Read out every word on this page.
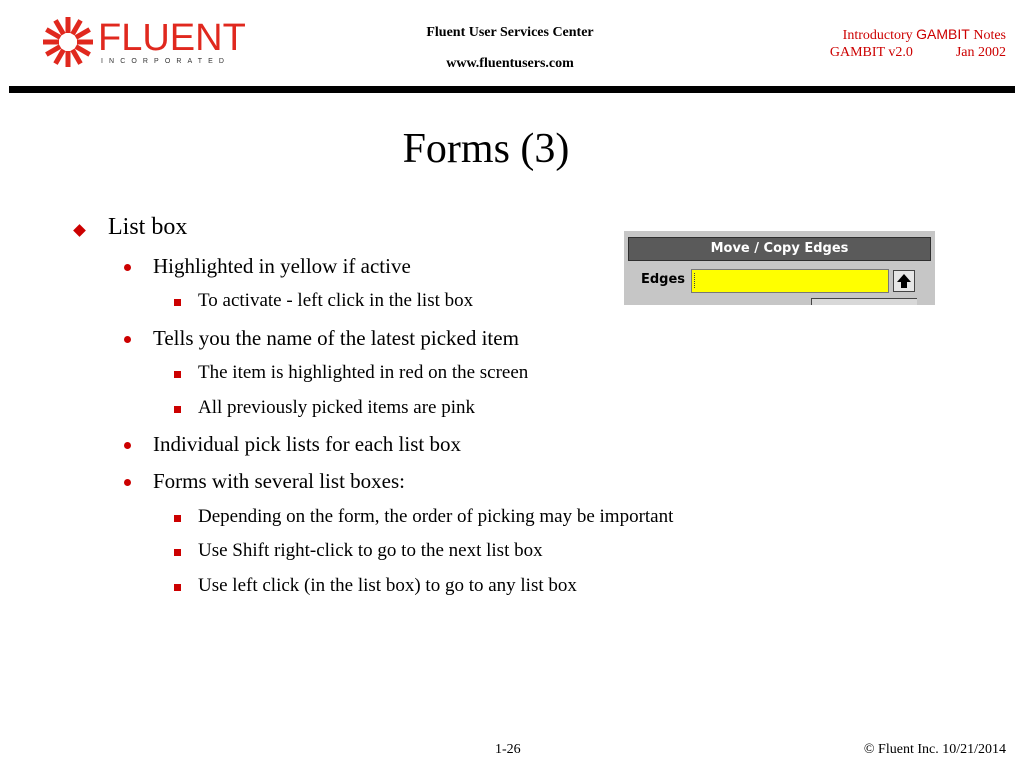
FLUENT
INCORPORATED
Fluent User Services Center
www.fluentusers.com
Introductory GAMBIT Notes
GAMBIT v2.0	Jan 2002
Forms (3)
List box
Highlighted in yellow if active
To activate - left click in the list box
Tells you the name of the latest picked item
The item is highlighted in red on the screen
All previously picked items are pink
Individual pick lists for each list box
Forms with several list boxes:
Depending on the form, the order of picking may be important
Use Shift right-click to go to the next list box
Use left click (in the list box) to go to any list box
Move / Copy Edges
Edges
1-26	© Fluent Inc. 10/21/2014
